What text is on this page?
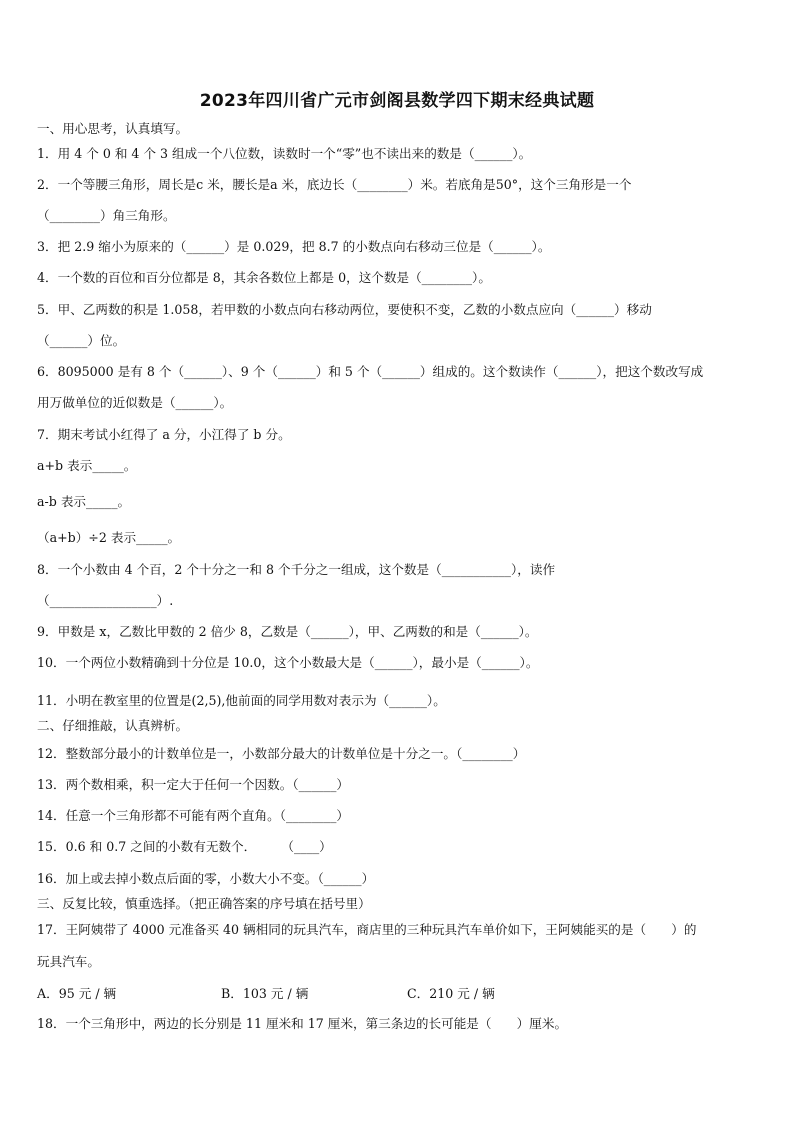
2023年四川省广元市剑阁县数学四下期末经典试题
一、用心思考，认真填写。
1．用 4 个 0 和 4 个 3 组成一个八位数，读数时一个“零”也不读出来的数是（______）。
2．一个等腰三角形，周长是c 米，腰长是a 米，底边长（________）米。若底角是50°，这个三角形是一个
（________）角三角形。
3．把 2.9 缩小为原来的（______）是 0.029，把 8.7 的小数点向右移动三位是（______）。
4．一个数的百位和百分位都是 8，其余各数位上都是 0，这个数是（________）。
5．甲、乙两数的积是 1.058，若甲数的小数点向右移动两位，要使积不变，乙数的小数点应向（______）移动
（______）位。
6．8095000 是有 8 个（______）、9 个（______）和 5 个（______）组成的。这个数读作（______），把这个数改写成
用万做单位的近似数是（______）。
7．期末考试小红得了 a 分，小江得了 b 分。
a+b 表示_____。
a-b 表示_____。
（a+b）÷2 表示_____。
8．一个小数由 4 个百，2 个十分之一和 8 个千分之一组成，这个数是（___________），读作
（_________________）.
9．甲数是 x，乙数比甲数的 2 倍少 8，乙数是（______），甲、乙两数的和是（______）。
10．一个两位小数精确到十分位是 10.0，这个小数最大是（______），最小是（______）。
11．小明在教室里的位置是(2,5),他前面的同学用数对表示为（______）。
二、仔细推敲，认真辨析。
12．整数部分最小的计数单位是一，小数部分最大的计数单位是十分之一。（________）
13．两个数相乘，积一定大于任何一个因数。（______）
14．任意一个三角形都不可能有两个直角。（________）
15．0.6 和 0.7 之间的小数有无数个．　　　（____）
16．加上或去掉小数点后面的零，小数大小不变。（______）
三、反复比较，慎重选择。（把正确答案的序号填在括号里）
17．王阿姨带了 4000 元准备买 40 辆相同的玩具汽车，商店里的三种玩具汽车单价如下，王阿姨能买的是（　　）的
玩具汽车。
A．95 元 / 辆	B．103 元 / 辆	C．210 元 / 辆
18．一个三角形中，两边的长分别是 11 厘米和 17 厘米，第三条边的长可能是（　　）厘米。
